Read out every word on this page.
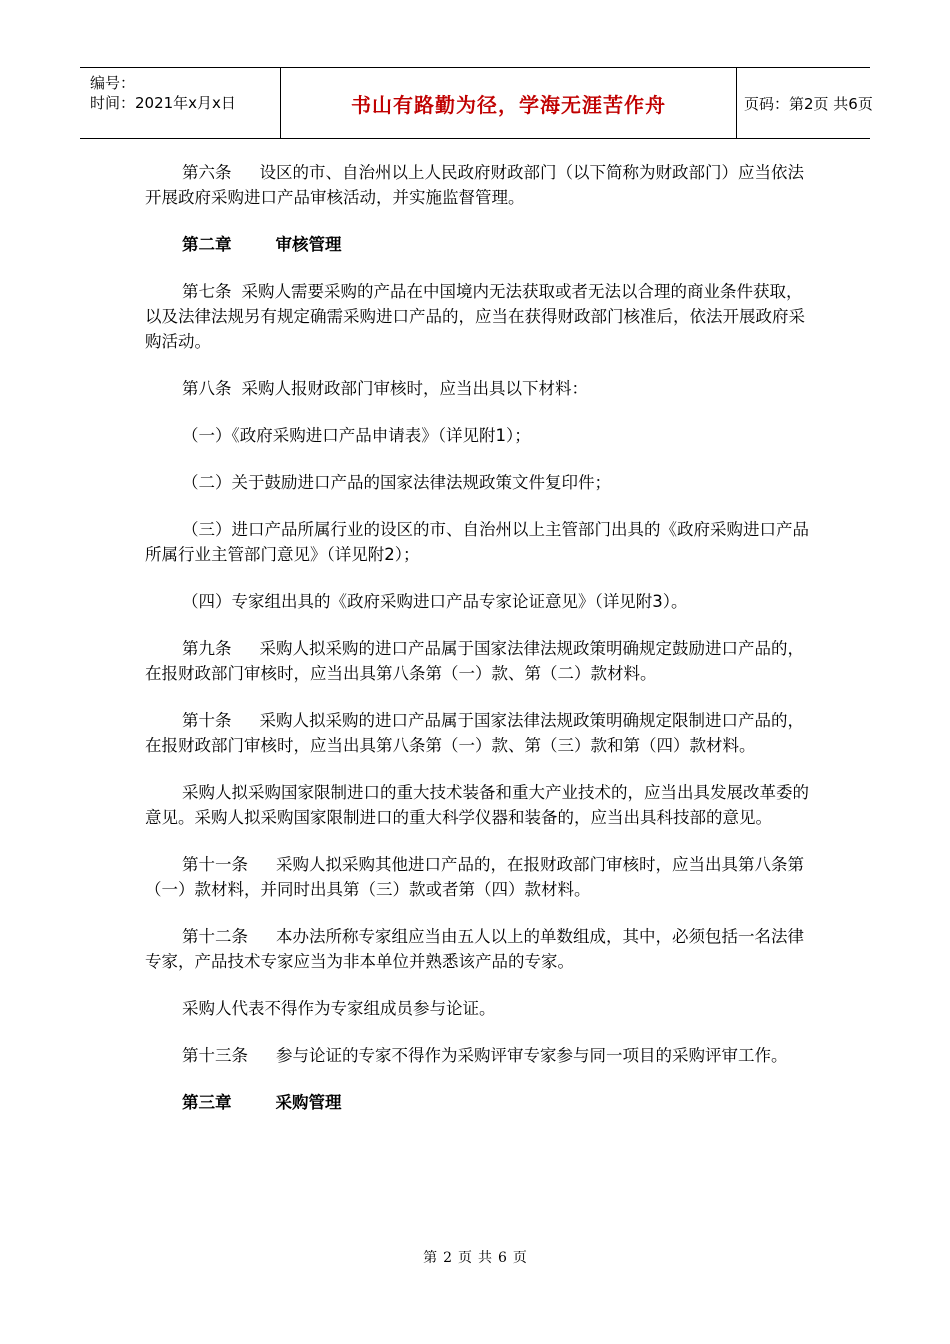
编号：
时间：2021年x月x日	书山有路勤为径，学海无涯苦作舟	页码：第2页 共6页

第六条 设区的市、自治州以上人民政府财政部门（以下简称为财政部门）应当依法开展政府采购进口产品审核活动，并实施监督管理。

第二章	审核管理

第七条 采购人需要采购的产品在中国境内无法获取或者无法以合理的商业条件获取，以及法律法规另有规定确需采购进口产品的，应当在获得财政部门核准后，依法开展政府采购活动。

第八条 采购人报财政部门审核时，应当出具以下材料：

（一）《政府采购进口产品申请表》（详见附1）；

（二）关于鼓励进口产品的国家法律法规政策文件复印件；

（三）进口产品所属行业的设区的市、自治州以上主管部门出具的《政府采购进口产品所属行业主管部门意见》（详见附2）；

（四）专家组出具的《政府采购进口产品专家论证意见》（详见附3）。

第九条 采购人拟采购的进口产品属于国家法律法规政策明确规定鼓励进口产品的，在报财政部门审核时，应当出具第八条第（一）款、第（二）款材料。

第十条 采购人拟采购的进口产品属于国家法律法规政策明确规定限制进口产品的，在报财政部门审核时，应当出具第八条第（一）款、第（三）款和第（四）款材料。

采购人拟采购国家限制进口的重大技术装备和重大产业技术的，应当出具发展改革委的意见。采购人拟采购国家限制进口的重大科学仪器和装备的，应当出具科技部的意见。

第十一条 采购人拟采购其他进口产品的，在报财政部门审核时，应当出具第八条第（一）款材料，并同时出具第（三）款或者第（四）款材料。

第十二条 本办法所称专家组应当由五人以上的单数组成，其中，必须包括一名法律专家，产品技术专家应当为非本单位并熟悉该产品的专家。

采购人代表不得作为专家组成员参与论证。

第十三条 参与论证的专家不得作为采购评审专家参与同一项目的采购评审工作。

第三章	采购管理

第 2 页 共 6 页
